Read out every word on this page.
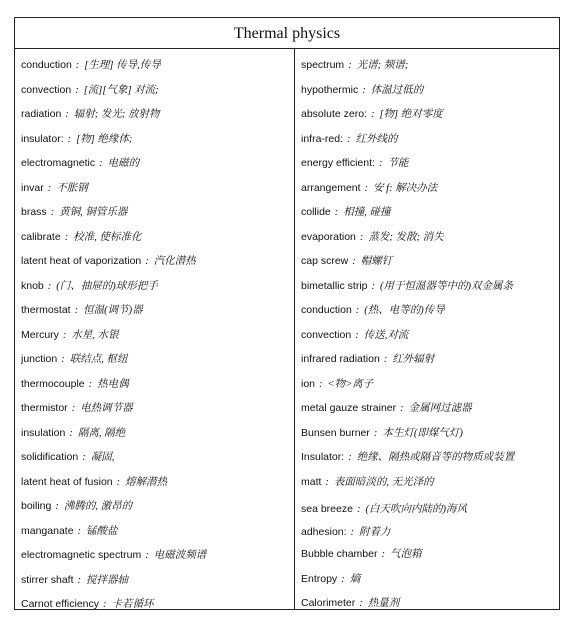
Thermal physics
conduction : [生理] 传导,传导
convection : [流][气象] 对流;
radiation : 辐射; 发光; 放射物
insulator: : [物] 绝缘体;
electromagnetic : 电磁的
invar : 不胀钢
brass : 黄铜, 铜管乐器
calibrate : 校准, 使标准化
latent heat of vaporization : 汽化潜热
knob : (门、抽屉的)球形把手
thermostat : 恒温(调节)器
Mercury : 水星, 水银
junction : 联结点, 枢纽
thermocouple : 热电偶
thermistor : 电热调节器
insulation : 隔离, 隔绝
solidification : 凝固,
latent heat of fusion : 熔解潜热
boiling : 沸腾的, 激昂的
manganate : 锰酸盐
electromagnetic spectrum : 电磁波频谱
stirrer shaft : 搅拌器轴
Carnot efficiency : 卡若循环
spectrum : 光谱; 频谱;
hypothermic : 体温过低的
absolute zero: : [物] 绝对零度
infra-red: : 红外线的
energy efficient: : 节能
arrangement : 安 f: 解决办法
collide : 相撞, 碰撞
evaporation : 蒸发; 发散; 消失
cap screw : 帽螺钉
bimetallic strip : (用于恒温器等中的)双金属条
conduction : (热、电等的)传导
convection : 传送,对流
infrared radiation : 红外辐射
ion : <物>离子
metal gauze strainer : 金属网过滤器
Bunsen burner : 本生灯(即煤气灯)
Insulator: : 绝缘、隔热或隔音等的物质或装置
matt : 表面暗淡的, 无光泽的
sea breeze : (白天吹向内陆的)海风
adhesion: : 附着力
Bubble chamber : 气泡箱
Entropy : 熵
Calorimeter : 热量剂
